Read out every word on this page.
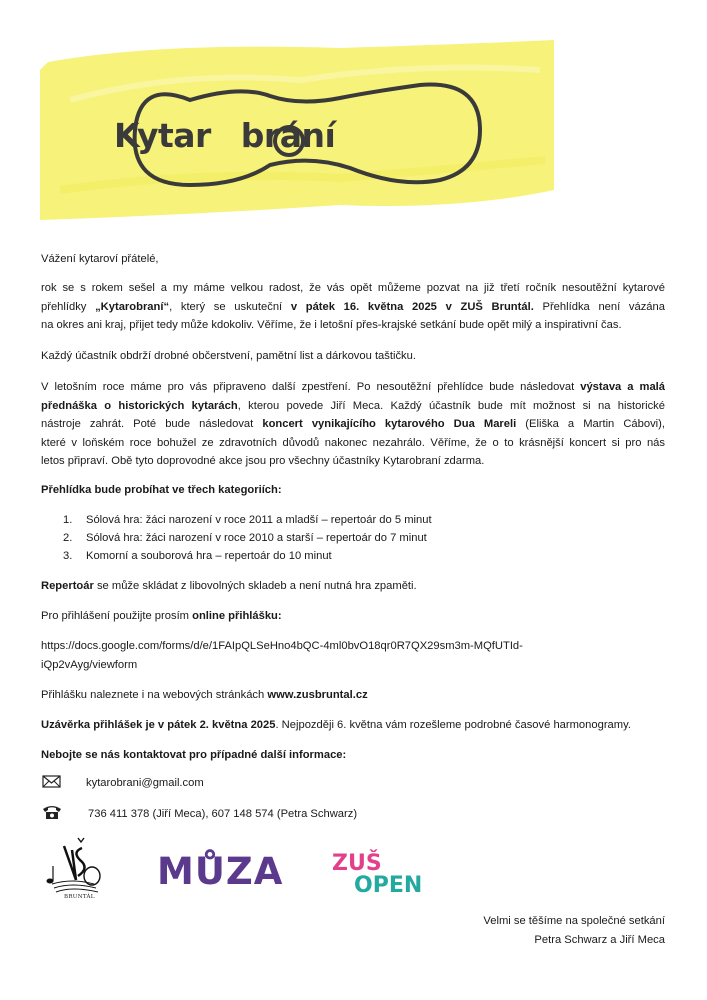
Kytar brání
Vážení kytaroví přátelé,
rok se s rokem sešel a my máme velkou radost, že vás opět můžeme pozvat na již třetí ročník nesoutěžní kytarové
přehlídky „Kytarobraní“, který se uskuteční v pátek 16. května 2025 v ZUŠ Bruntál. Přehlídka není vázána
na okres ani kraj, přijet tedy může kdokoliv. Věříme, že i letošní přes-krajské setkání bude opět milý a inspirativní čas.
Každý účastník obdrží drobné občerstvení, pamětní list a dárkovou taštičku.
V letošním roce máme pro vás připraveno další zpestření. Po nesoutěžní přehlídce bude následovat výstava a malá
přednáška o historických kytarách, kterou povede Jiří Meca. Každý účastník bude mít možnost si na historické
nástroje zahrát. Poté bude následovat koncert vynikajícího kytarového Dua Mareli (Eliška a Martin Cábovi),
které v loňském roce bohužel ze zdravotních důvodů nakonec nezahrálo. Věříme, že o to krásnější koncert si pro nás
letos připraví. Obě tyto doprovodné akce jsou pro všechny účastníky Kytarobraní zdarma.
Přehlídka bude probíhat ve třech kategoriích:
1. Sólová hra: žáci narození v roce 2011 a mladší – repertoár do 5 minut
2. Sólová hra: žáci narození v roce 2010 a starší – repertoár do 7 minut
3. Komorní a souborová hra – repertoár do 10 minut
Repertoár se může skládat z libovolných skladeb a není nutná hra zpaměti.
Pro přihlášení použijte prosím online přihlášku:
https://docs.google.com/forms/d/e/1FAIpQLSeHno4bQC-4ml0bvO18qr0R7QX29sm3m-MQfUTId-
iQp2vAyg/viewform
Přihlášku naleznete i na webových stránkách www.zusbruntal.cz
Uzávěrka přihlášek je v pátek 2. května 2025. Nejpozději 6. května vám rozešleme podrobné časové harmonogramy.
Nebojte se nás kontaktovat pro případné další informace:
kytarobrani@gmail.com
736 411 378 (Jiří Meca), 607 148 574 (Petra Schwarz)
BRUNTÁL
MŮZA ZUŠ
OPEN
Velmi se těšíme na společné setkání
Petra Schwarz a Jiří Meca
